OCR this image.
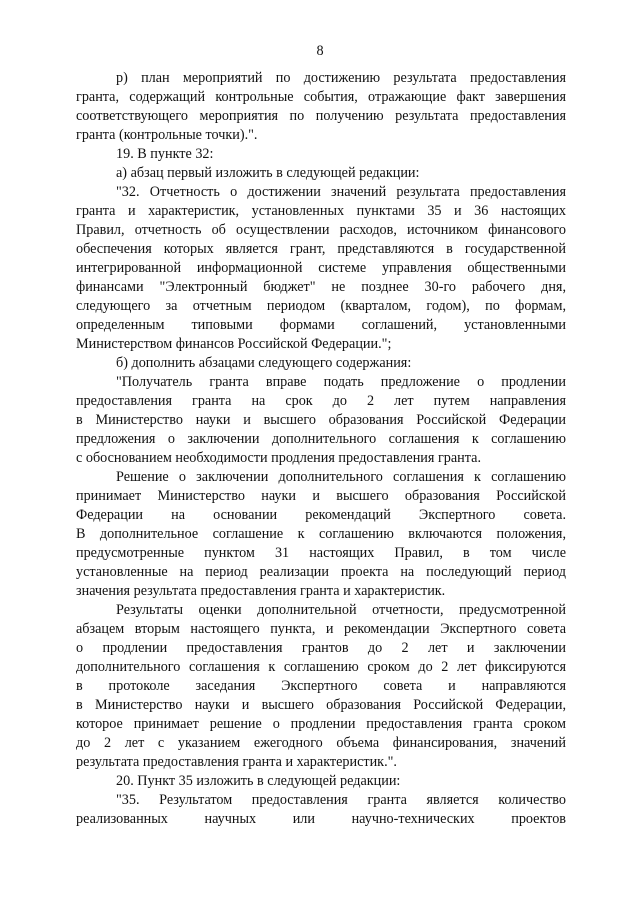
8
р) план мероприятий по достижению результата предоставления
гранта, содержащий контрольные события, отражающие факт завершения
соответствующего мероприятия по получению результата предоставления
гранта (контрольные точки).".
19. В пункте 32:
а) абзац первый изложить в следующей редакции:
"32. Отчетность о достижении значений результата предоставления
гранта и характеристик, установленных пунктами 35 и 36 настоящих
Правил, отчетность об осуществлении расходов, источником финансового
обеспечения которых является грант, представляются в государственной
интегрированной информационной системе управления общественными
финансами "Электронный бюджет" не позднее 30-го рабочего дня,
следующего за отчетным периодом (кварталом, годом), по формам,
определенным типовыми формами соглашений, установленными
Министерством финансов Российской Федерации.";
б) дополнить абзацами следующего содержания:
"Получатель гранта вправе подать предложение о продлении
предоставления гранта на срок до 2 лет путем направления
в Министерство науки и высшего образования Российской Федерации
предложения о заключении дополнительного соглашения к соглашению
с обоснованием необходимости продления предоставления гранта.
Решение о заключении дополнительного соглашения к соглашению
принимает Министерство науки и высшего образования Российской
Федерации на основании рекомендаций Экспертного совета.
В дополнительное соглашение к соглашению включаются положения,
предусмотренные пунктом 31 настоящих Правил, в том числе
установленные на период реализации проекта на последующий период
значения результата предоставления гранта и характеристик.
Результаты оценки дополнительной отчетности, предусмотренной
абзацем вторым настоящего пункта, и рекомендации Экспертного совета
о продлении предоставления грантов до 2 лет и заключении
дополнительного соглашения к соглашению сроком до 2 лет фиксируются
в протоколе заседания Экспертного совета и направляются
в Министерство науки и высшего образования Российской Федерации,
которое принимает решение о продлении предоставления гранта сроком
до 2 лет с указанием ежегодного объема финансирования, значений
результата предоставления гранта и характеристик.".
20. Пункт 35 изложить в следующей редакции:
"35. Результатом предоставления гранта является количество
реализованных научных или научно-технических проектов
